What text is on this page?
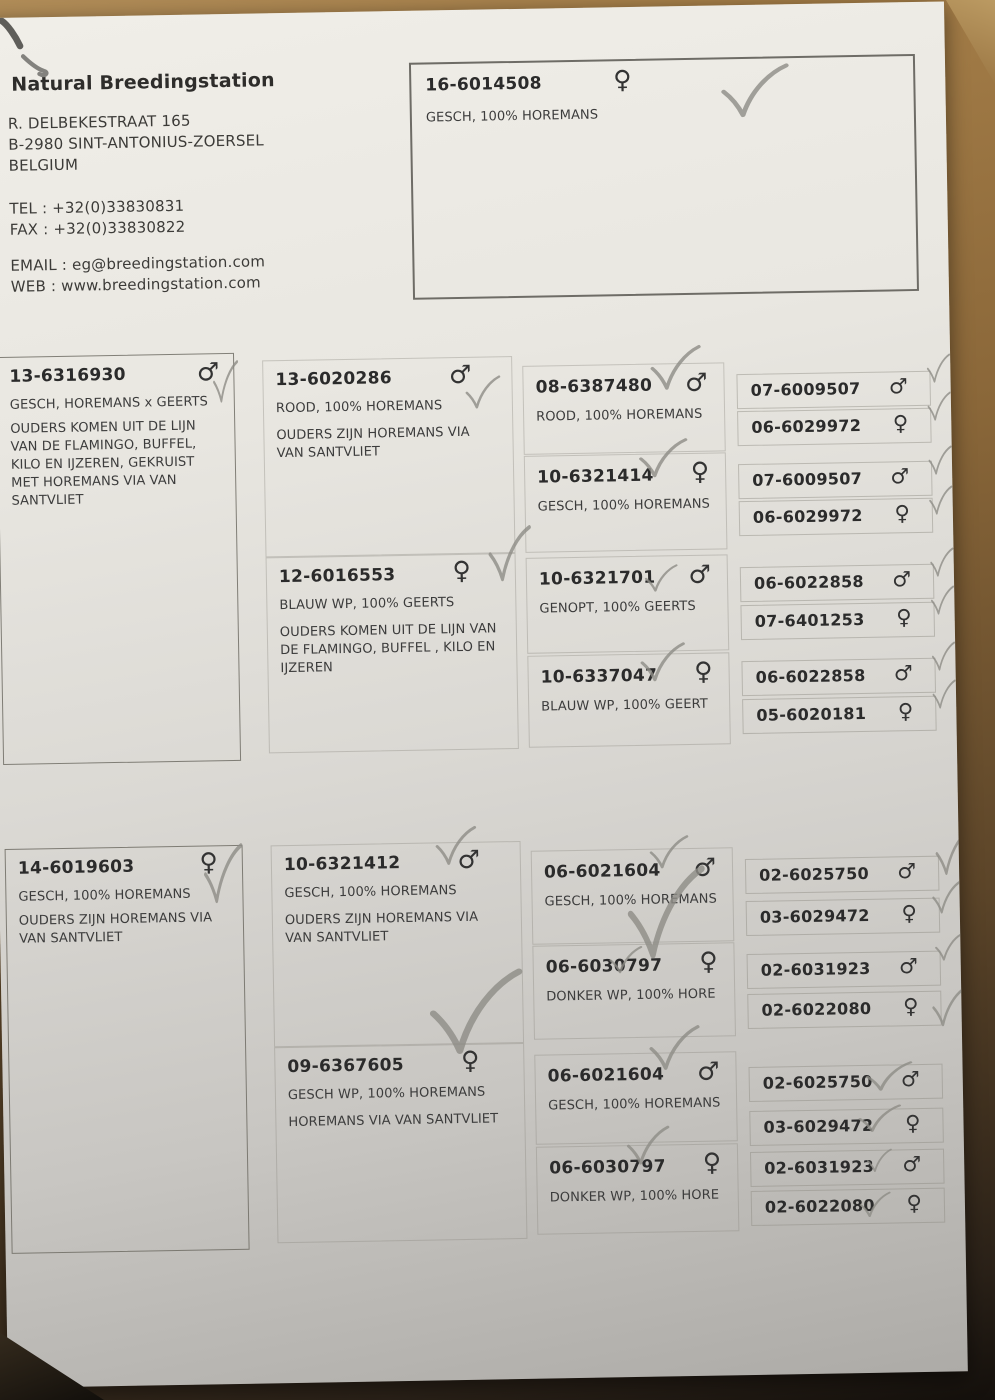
Natural Breedingstation
R. DELBEKESTRAAT 165
B-2980 SINT-ANTONIUS-ZOERSEL
BELGIUM
TEL : +32(0)33830831
FAX : +32(0)33830822
EMAIL : eg@breedingstation.com
WEB : www.breedingstation.com
16-6014508	♀
GESCH, 100% HOREMANS
13-6316930	♂
GESCH, HOREMANS x GEERTS
OUDERS KOMEN UIT DE LIJN VAN DE FLAMINGO, BUFFEL, KILO EN IJZEREN, GEKRUIST MET HOREMANS VIA VAN SANTVLIET
14-6019603	♀
GESCH, 100% HOREMANS
OUDERS ZIJN HOREMANS VIA VAN SANTVLIET
13-6020286 ♂
ROOD, 100% HOREMANS
OUDERS ZIJN HOREMANS VIA VAN SANTVLIET
12-6016553 ♀
BLAUW WP, 100% GEERTS
OUDERS KOMEN UIT DE LIJN VAN DE FLAMINGO, BUFFEL , KILO EN IJZEREN
10-6321412 ♂
GESCH, 100% HOREMANS
OUDERS ZIJN HOREMANS VIA VAN SANTVLIET
09-6367605 ♀
GESCH WP, 100% HOREMANS
HOREMANS VIA VAN SANTVLIET
08-6387480 ♂
ROOD, 100% HOREMANS
10-6321414 ♀
GESCH, 100% HOREMANS
10-6321701 ♂
GENOPT, 100% GEERTS
10-6337047 ♀
BLAUW WP, 100% GEERT
06-6021604 ♂
GESCH, 100% HOREMANS
06-6030797 ♀
DONKER WP, 100% HORE
06-6021604 ♂
GESCH, 100% HOREMANS
06-6030797 ♀
DONKER WP, 100% HORE
07-6009507 ♂
06-6029972 ♀
07-6009507 ♂
06-6029972 ♀
06-6022858 ♂
07-6401253 ♀
06-6022858 ♂
05-6020181 ♀
02-6025750 ♂
03-6029472 ♀
02-6031923 ♂
02-6022080 ♀
02-6025750 ♂
03-6029472 ♀
02-6031923 ♂
02-6022080 ♀
